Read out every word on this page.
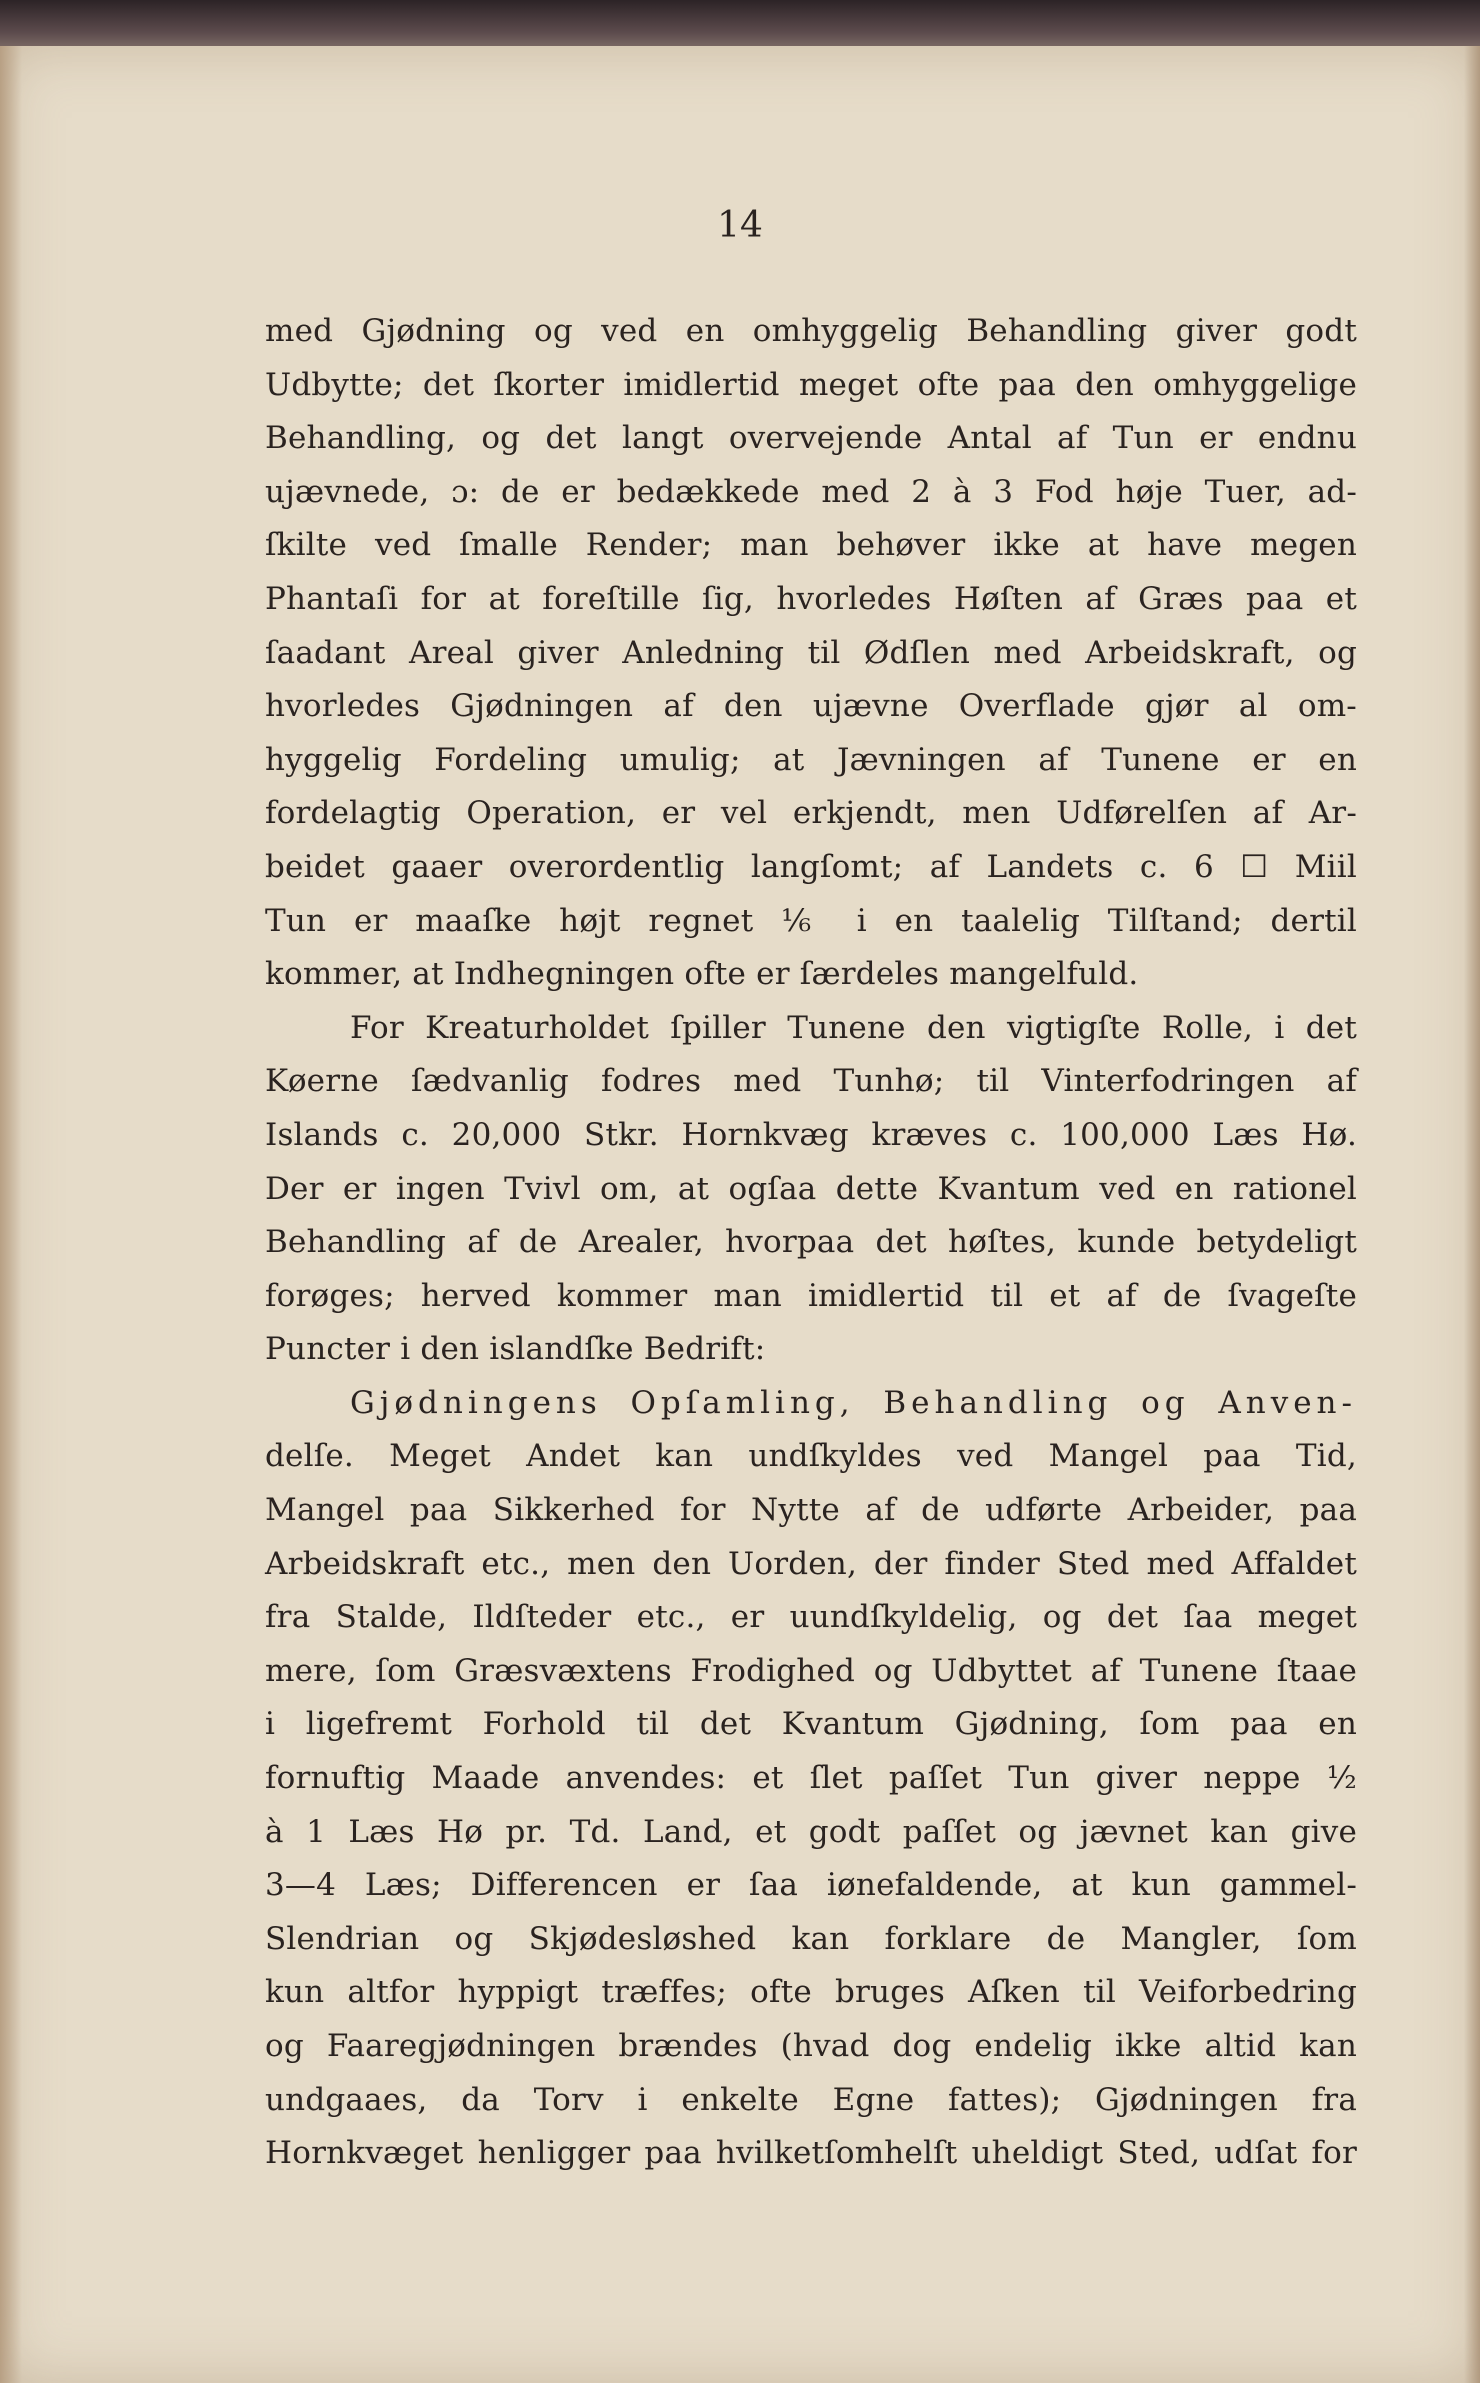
14
med Gjødning og ved en omhyggelig Behandling giver godt
Udbytte; det ſkorter imidlertid meget ofte paa den omhyggelige
Behandling, og det langt overvejende Antal af Tun er endnu
ujævnede, ɔ: de er bedækkede med 2 à 3 Fod høje Tuer, ad-
ſkilte ved ſmalle Render; man behøver ikke at have megen
Phantaſi for at foreſtille ſig, hvorledes Høſten af Græs paa et
ſaadant Areal giver Anledning til Ødſlen med Arbeidskraft, og
hvorledes Gjødningen af den ujævne Overflade gjør al om-
hyggelig Fordeling umulig; at Jævningen af Tunene er en
fordelagtig Operation, er vel erkjendt, men Udførelſen af Ar-
beidet gaaer overordentlig langſomt; af Landets c. 6 ☐ Miil
Tun er maaſke højt regnet ⅙ i en taalelig Tilſtand; dertil
kommer, at Indhegningen ofte er ſærdeles mangelfuld.
For Kreaturholdet ſpiller Tunene den vigtigſte Rolle, i det
Køerne ſædvanlig fodres med Tunhø; til Vinterfodringen af
Islands c. 20,000 Stkr. Hornkvæg kræves c. 100,000 Læs Hø.
Der er ingen Tvivl om, at ogſaa dette Kvantum ved en rationel
Behandling af de Arealer, hvorpaa det høſtes, kunde betydeligt
forøges; herved kommer man imidlertid til et af de ſvageſte
Puncter i den islandſke Bedrift:
Gjødningens Opſamling, Behandling og Anven-
delſe. Meget Andet kan undſkyldes ved Mangel paa Tid,
Mangel paa Sikkerhed for Nytte af de udførte Arbeider, paa
Arbeidskraft etc., men den Uorden, der finder Sted med Affaldet
fra Stalde, Ildſteder etc., er uundſkyldelig, og det ſaa meget
mere, ſom Græsvæxtens Frodighed og Udbyttet af Tunene ſtaae
i ligefremt Forhold til det Kvantum Gjødning, ſom paa en
fornuftig Maade anvendes: et ſlet paſſet Tun giver neppe ½
à 1 Læs Hø pr. Td. Land, et godt paſſet og jævnet kan give
3—4 Læs; Differencen er ſaa iønefaldende, at kun gammel-
Slendrian og Skjødesløshed kan forklare de Mangler, ſom
kun altfor hyppigt træffes; ofte bruges Aſken til Veiforbedring
og Faaregjødningen brændes (hvad dog endelig ikke altid kan
undgaaes, da Torv i enkelte Egne fattes); Gjødningen fra
Hornkvæget henligger paa hvilketſomhelſt uheldigt Sted, udſat for
